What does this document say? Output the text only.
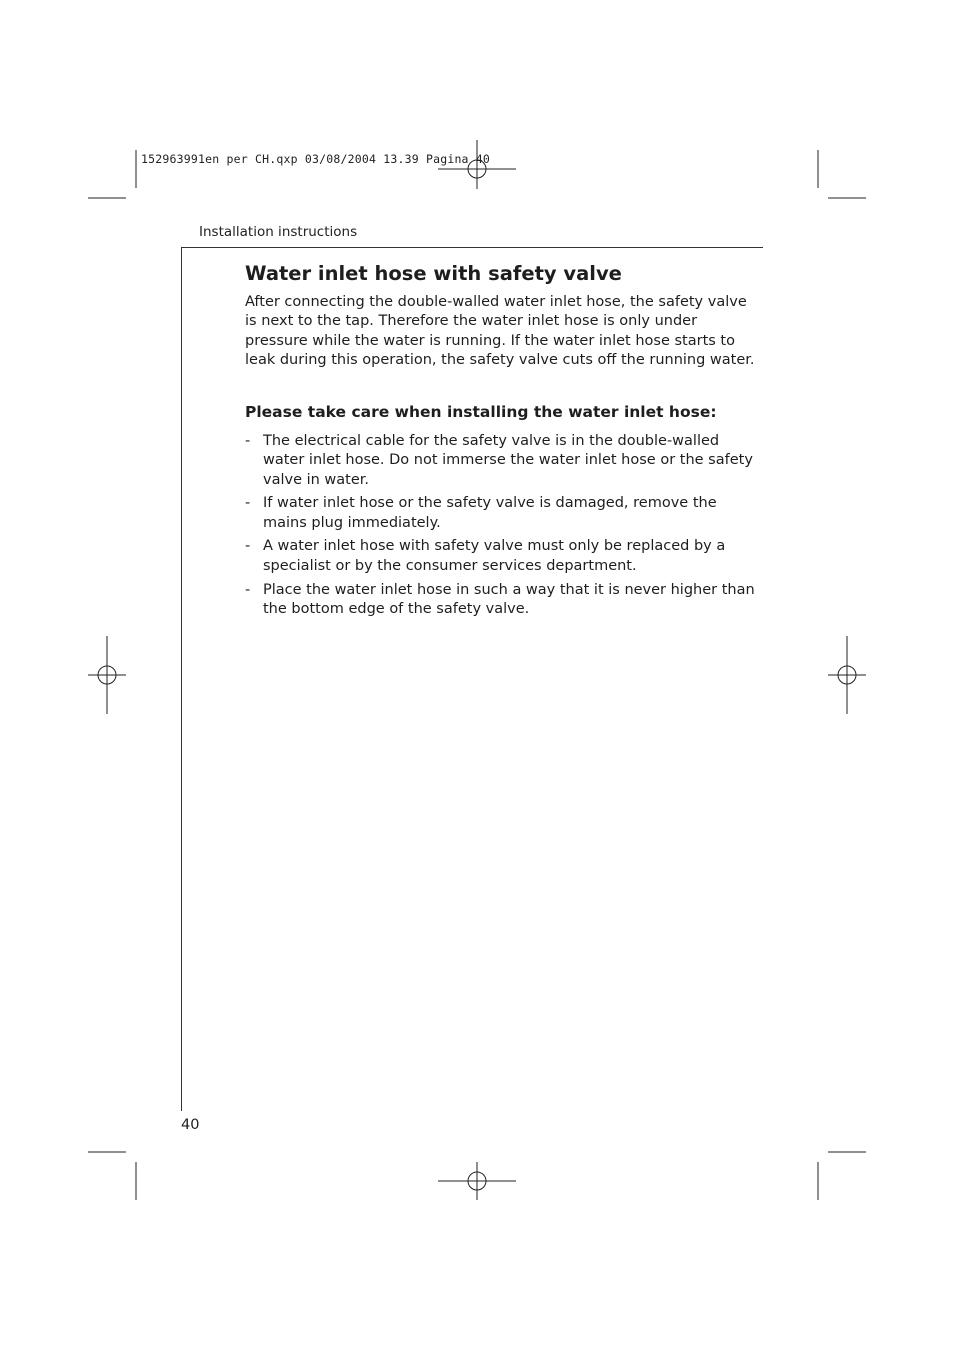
152963991en per CH.qxp 03/08/2004 13.39 Pagina 40
Installation instructions
Water inlet hose with safety valve

After connecting the double-walled water inlet hose, the safety valve is next to the tap. Therefore the water inlet hose is only under pressure while the water is running. If the water inlet hose starts to leak during this operation, the safety valve cuts off the running water.

Please take care when installing the water inlet hose:
- The electrical cable for the safety valve is in the double-walled water inlet hose. Do not immerse the water inlet hose or the safety valve in water.
- If water inlet hose or the safety valve is damaged, remove the mains plug immediately.
- A water inlet hose with safety valve must only be replaced by a specialist or by the consumer services department.
- Place the water inlet hose in such a way that it is never higher than the bottom edge of the safety valve.
40
